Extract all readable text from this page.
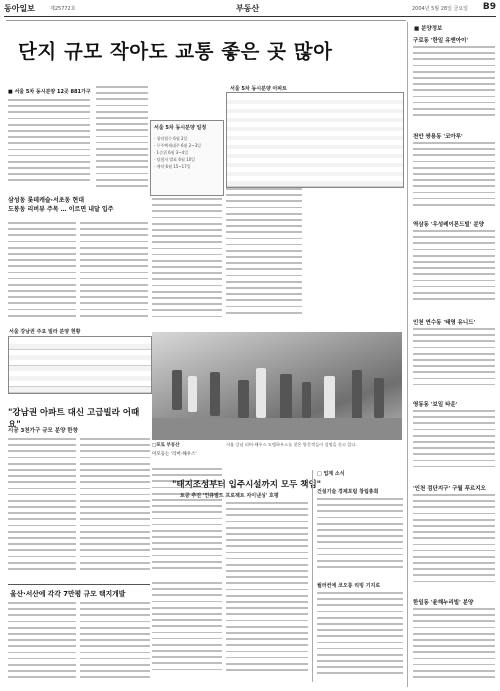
동아일보	제25772호	부동산	2004년 5월 28일 금요일 B9
단지 규모 작아도 교통 좋은 곳 많아
■ 서울 5차 동시분양 12곳 881가구
서울 5차 동시분양 일정
· 청약접수 6월 2일
· 무주택세대주 6월 2~3일
· 1순위 6월 3~4일
· 당첨자 발표 6월 10일
· 계약 6월 15~17일
삼성동 롯데캐슬·서초동 현대
도봉동 리버뷰 주목 … 이르면 내달 입주
서울 5차 동시분양 아파트
서울 강남권 주요 빌라 분양 현황
□포토 부동산
미모등는 '리버-해우스'
서울 강남 리버-해우스 모델하우스를 찾은 방문객들이 설명을 듣고 있다.
"강남권 아파트 대신 고급빌라 어때요"
시공 3천가구 규모 분양 한창
"태지조성부터 입주시설까지 모두 책임"
토공 추진 '인큐빌드 프로젝트 자이낸싱' 호평
□ 업계 소식
건설기술 경제포럼 창립총회
월러컨에 코오롱 리빙 기지로
울산·서산에 각각 7만평 규모 택지개발
■ 분양정보
구로동 '한일 유앤아이'
천안 쌍용동 '코아루'
역삼동 '우성레이몬드빌' 분양
인천 연수동 '태영 유니드'
영동동 '보일 타운'
'인천 검단지구' 구월 푸르지오
한일동 '윤해누리빌' 분양
